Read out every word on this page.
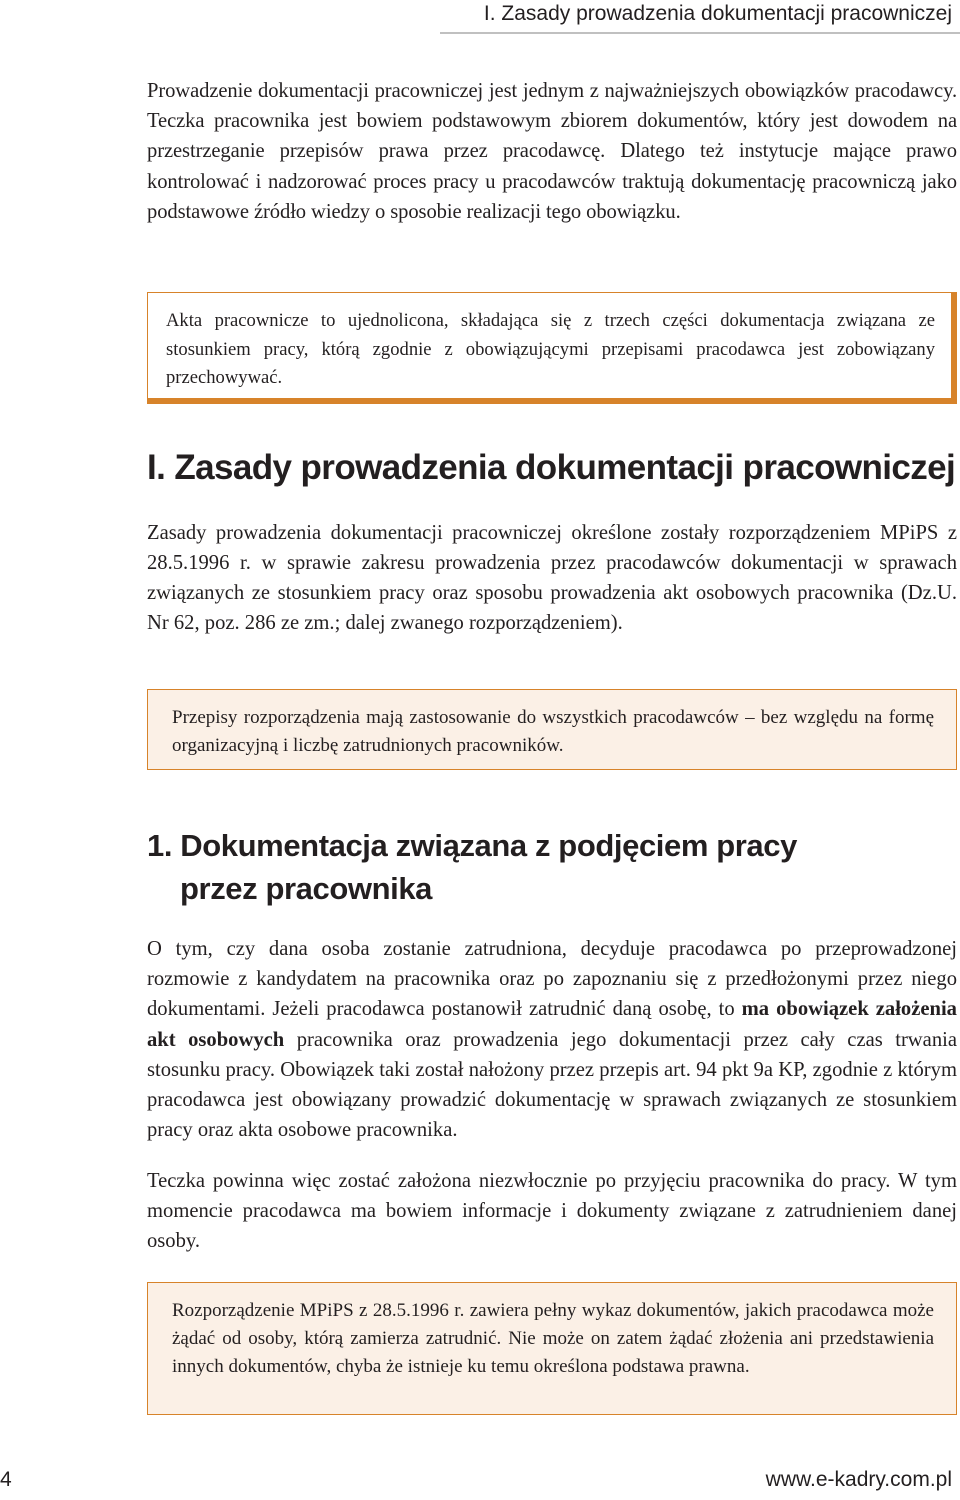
I. Zasady prowadzenia dokumentacji pracowniczej

Prowadzenie dokumentacji pracowniczej jest jednym z najważniejszych obowiązków pracodawcy. Teczka pracownika jest bowiem podstawowym zbiorem dokumentów, który jest dowodem na przestrzeganie przepisów prawa przez pracodawcę. Dlatego też instytucje mające prawo kontrolować i nadzorować proces pracy u pracodawców traktują dokumentację pracowniczą jako podstawowe źródło wiedzy o sposobie realizacji tego obowiązku.

Akta pracownicze to ujednolicona, składająca się z trzech części dokumentacja związana ze stosunkiem pracy, którą zgodnie z obowiązującymi przepisami pracodawca jest zobowiązany przechowywać.
I. Zasady prowadzenia dokumentacji pracowniczej

Zasady prowadzenia dokumentacji pracowniczej określone zostały rozporządzeniem MPiPS z 28.5.1996 r. w sprawie zakresu prowadzenia przez pracodawców dokumentacji w sprawach związanych ze stosunkiem pracy oraz sposobu prowadzenia akt osobowych pracownika (Dz.U. Nr 62, poz. 286 ze zm.; dalej zwanego rozporządzeniem).

Przepisy rozporządzenia mają zastosowanie do wszystkich pracodawców – bez względu na formę organizacyjną i liczbę zatrudnionych pracowników.
1. Dokumentacja związana z podjęciem pracy
przez pracownika

O tym, czy dana osoba zostanie zatrudniona, decyduje pracodawca po przeprowadzonej rozmowie z kandydatem na pracownika oraz po zapoznaniu się z przedłożonymi przez niego dokumentami. Jeżeli pracodawca postanowił zatrudnić daną osobę, to ma obowiązek założenia akt osobowych pracownika oraz prowadzenia jego dokumentacji przez cały czas trwania stosunku pracy. Obowiązek taki został nałożony przez przepis art. 94 pkt 9a KP, zgodnie z którym pracodawca jest obowiązany prowadzić dokumentację w sprawach związanych ze stosunkiem pracy oraz akta osobowe pracownika.

Teczka powinna więc zostać założona niezwłocznie po przyjęciu pracownika do pracy. W tym momencie pracodawca ma bowiem informacje i dokumenty związane z zatrudnieniem danej osoby.

Rozporządzenie MPiPS z 28.5.1996 r. zawiera pełny wykaz dokumentów, jakich pracodawca może żądać od osoby, którą zamierza zatrudnić. Nie może on zatem żądać złożenia ani przedstawienia innych dokumentów, chyba że istnieje ku temu określona podstawa prawna.
4	www.e-kadry.com.pl
